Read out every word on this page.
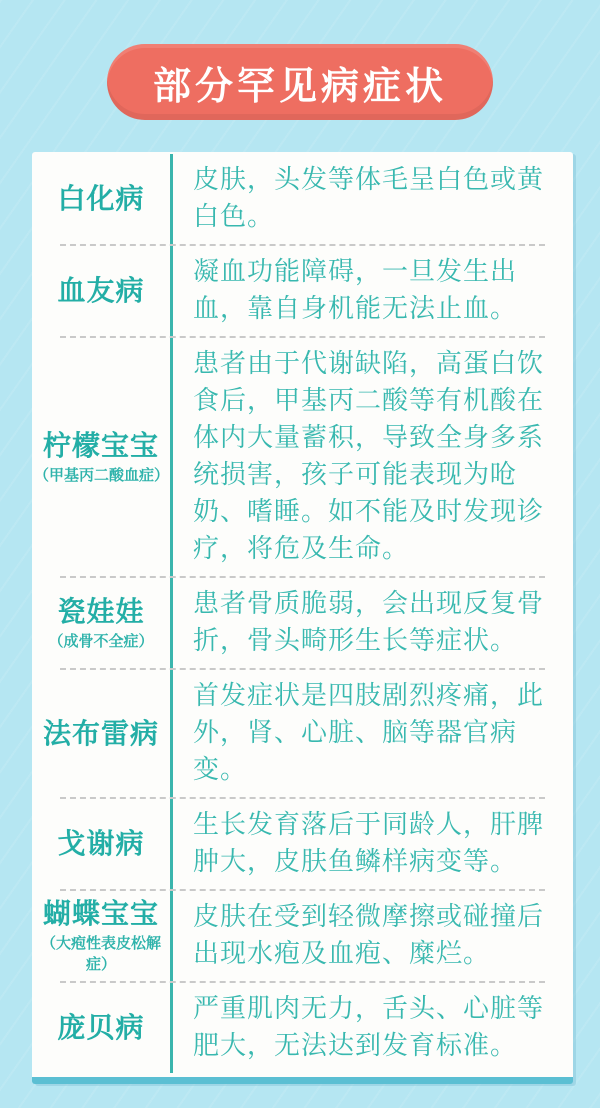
部分罕见病症状
白化病
皮肤，头发等体毛呈白色或黄白色。
血友病
凝血功能障碍，一旦发生出血，靠自身机能无法止血。
柠檬宝宝
（甲基丙二酸血症）
患者由于代谢缺陷，高蛋白饮食后，甲基丙二酸等有机酸在体内大量蓄积，导致全身多系统损害，孩子可能表现为呛奶、嗜睡。如不能及时发现诊疗，将危及生命。
瓷娃娃
（成骨不全症）
患者骨质脆弱，会出现反复骨折，骨头畸形生长等症状。
法布雷病
首发症状是四肢剧烈疼痛，此外，肾、心脏、脑等器官病变。
戈谢病
生长发育落后于同龄人，肝脾肿大，皮肤鱼鳞样病变等。
蝴蝶宝宝
（大疱性表皮松解症）
皮肤在受到轻微摩擦或碰撞后出现水疱及血疱、糜烂。
庞贝病
严重肌肉无力，舌头、心脏等肥大，无法达到发育标准。
